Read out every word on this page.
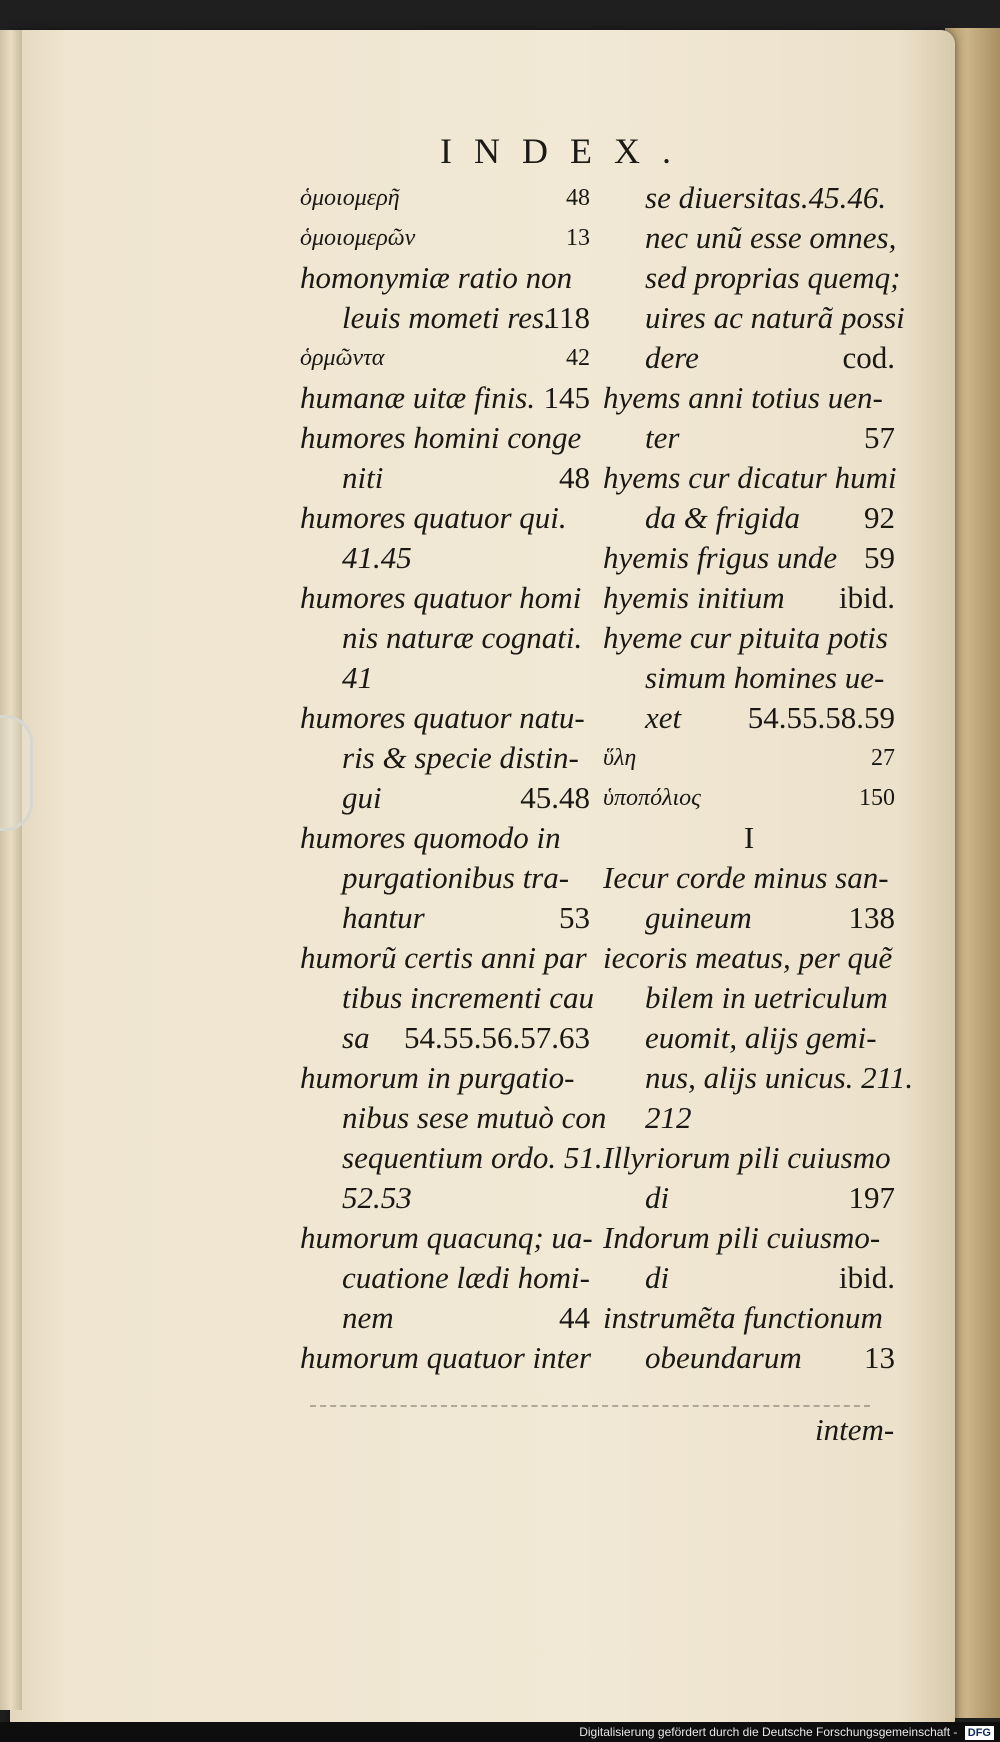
INDEX.
ὁμοιομερῆ	48
ὁμοιομερῶν	13
homonymiæ ratio non
leuis mometi res.
118
ὁρμῶντα	42
humanæ uitæ finis. 145
humores homini conge
niti	48
humores quatuor qui.
41.45
humores quatuor homi
nis naturæ cognati.
41
humores quatuor natu-
ris & specie distin-
gui	45.48
humores quomodo in
purgationibus tra-
hantur	53
humorũ certis anni par
tibus incrementi cau
sa 54.55.56.57.63
humorum in purgatio-
nibus sese mutuò con
sequentium ordo. 51.
52.53
humorum quacunq; ua-
cuatione lædi homi-
nem	44
humorum quatuor inter
se diuersitas.45.46.
nec unũ esse omnes,
sed proprias quemq;
uires ac naturã possi
dere	cod.
hyems anni totius uen-
ter	57
hyems cur dicatur humi
da & frigida 92
hyemis frigus unde 59
hyemis initium ibid.
hyeme cur pituita potis
simum homines ue-
xet 54.55.58.59
ὕλη	27
ὑποπόλιος	150
I
Iecur corde minus san-
guineum	138
iecoris meatus, per quẽ
bilem in uetriculum
euomit, alijs gemi-
nus, alijs unicus. 211.
212
Illyriorum pili cuiusmo
di	197
Indorum pili cuiusmo-
di	ibid.
instrumẽta functionum
obeundarum 13
intem-
Digitalisierung gefördert durch die Deutsche Forschungsgemeinschaft - DFG
